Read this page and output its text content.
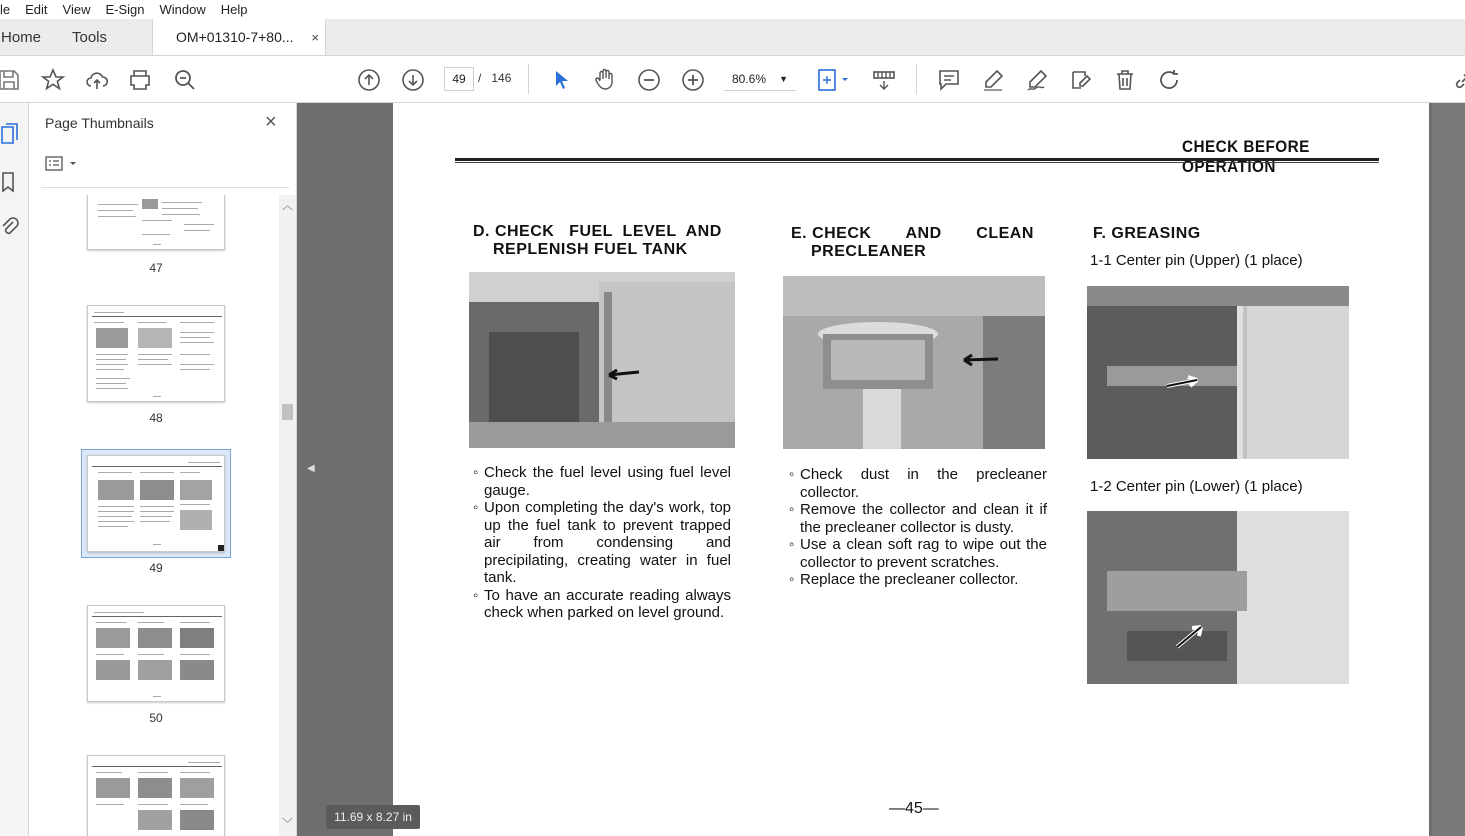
le Edit View E-Sign Window Help
Home	Tools	OM+01310-7+80... ×
49	/ 146	80.6% ▼
Page Thumbnails	×
47
48
49
50
︿
﹀
◀
CHECK BEFORE OPERATION
D. CHECK   FUEL  LEVEL  AND
REPLENISH FUEL TANK
◦ Check the fuel level using fuel level gauge.
◦ Upon completing the day's work, top up the fuel tank to prevent trapped air from condensing and precipilating, creating water in fuel tank.
◦ To have an accurate reading always check when parked on level ground.
E. CHECK       AND       CLEAN
PRECLEANER
◦ Check dust in the precleaner collector.
◦ Remove the collector and clean it if the precleaner collector is dusty.
◦ Use a clean soft rag to wipe out the collector to prevent scratches.
◦ Replace the precleaner collector.
F. GREASING
1-1 Center pin (Upper) (1 place)
1-2 Center pin (Lower) (1 place)
—45—
11.69 x 8.27 in
